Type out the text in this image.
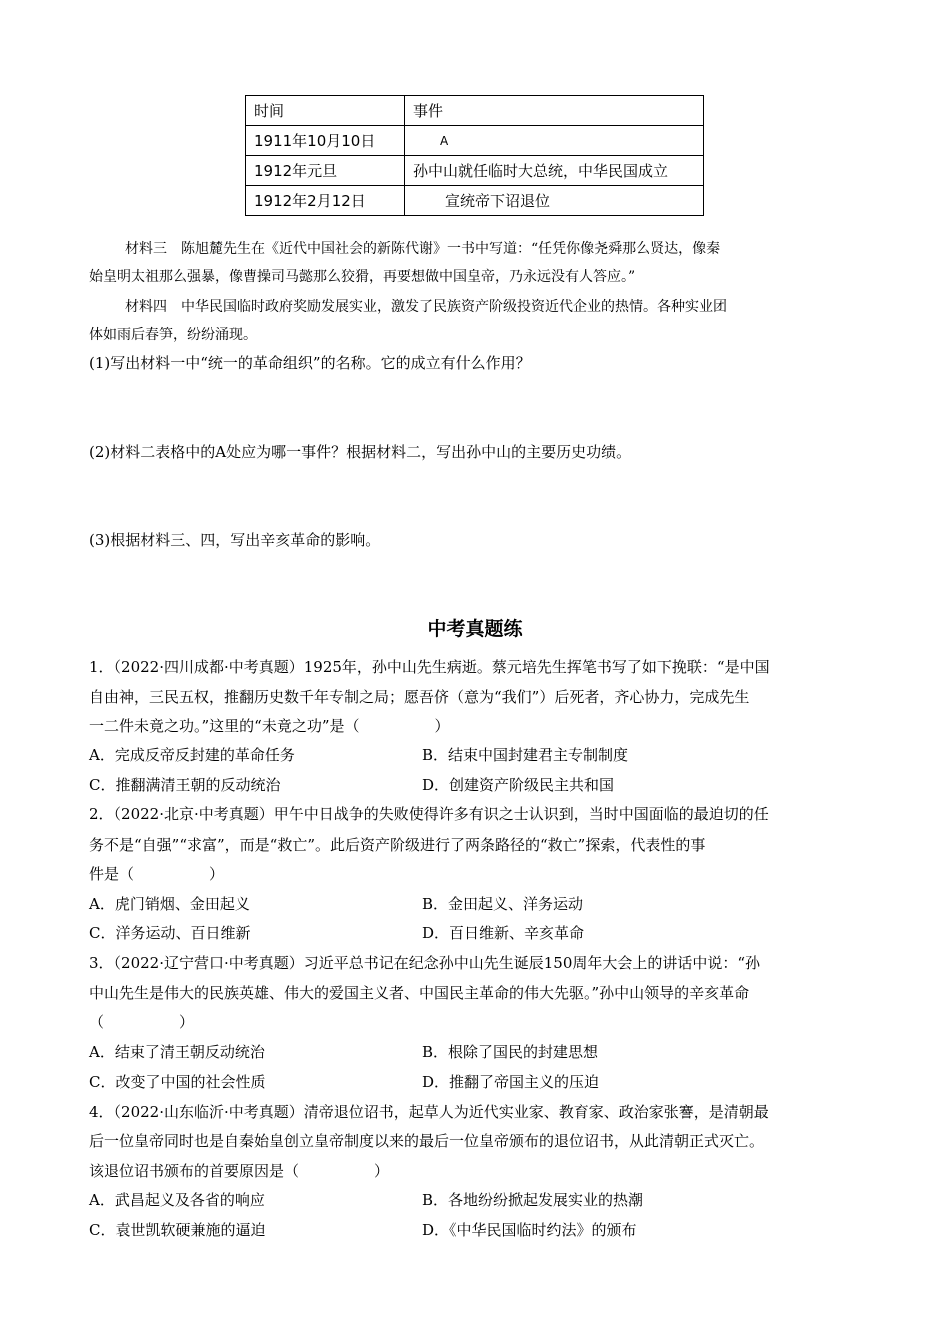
时间	事件
1911年10月10日	A
1912年元旦	孙中山就任临时大总统，中华民国成立
1912年2月12日	宣统帝下诏退位
材料三　陈旭麓先生在《近代中国社会的新陈代谢》一书中写道：“任凭你像尧舜那么贤达，像秦
始皇明太祖那么强暴，像曹操司马懿那么狡猾，再要想做中国皇帝，乃永远没有人答应。”
材料四　中华民国临时政府奖励发展实业，激发了民族资产阶级投资近代企业的热情。各种实业团
体如雨后春笋，纷纷涌现。
(1)写出材料一中“统一的革命组织”的名称。它的成立有什么作用？
(2)材料二表格中的A处应为哪一事件？根据材料二，写出孙中山的主要历史功绩。
(3)根据材料三、四，写出辛亥革命的影响。
中考真题练
1．（2022·四川成都·中考真题）1925年，孙中山先生病逝。蔡元培先生挥笔书写了如下挽联：“是中国
自由神，三民五权，推翻历史数千年专制之局；愿吾侪（意为“我们”）后死者，齐心协力，完成先生
一二件未竟之功。”这里的“未竟之功”是（　　　　　）
A．完成反帝反封建的革命任务	B．结束中国封建君主专制制度
C．推翻满清王朝的反动统治	D．创建资产阶级民主共和国
2．（2022·北京·中考真题）甲午中日战争的失败使得许多有识之士认识到，当时中国面临的最迫切的任
务不是“自强”“求富”，而是“救亡”。此后资产阶级进行了两条路径的“救亡”探索，代表性的事
件是（　　　　　）
A．虎门销烟、金田起义	B．金田起义、洋务运动
C．洋务运动、百日维新	D．百日维新、辛亥革命
3．（2022·辽宁营口·中考真题）习近平总书记在纪念孙中山先生诞辰150周年大会上的讲话中说：“孙
中山先生是伟大的民族英雄、伟大的爱国主义者、中国民主革命的伟大先驱。”孙中山领导的辛亥革命
（　　　　　）
A．结束了清王朝反动统治	B．根除了国民的封建思想
C．改变了中国的社会性质	D．推翻了帝国主义的压迫
4．（2022·山东临沂·中考真题）清帝退位诏书，起草人为近代实业家、教育家、政治家张謇，是清朝最
后一位皇帝同时也是自秦始皇创立皇帝制度以来的最后一位皇帝颁布的退位诏书，从此清朝正式灭亡。
该退位诏书颁布的首要原因是（　　　　　）
A．武昌起义及各省的响应	B．各地纷纷掀起发展实业的热潮
C．袁世凯软硬兼施的逼迫	D．《中华民国临时约法》的颁布
